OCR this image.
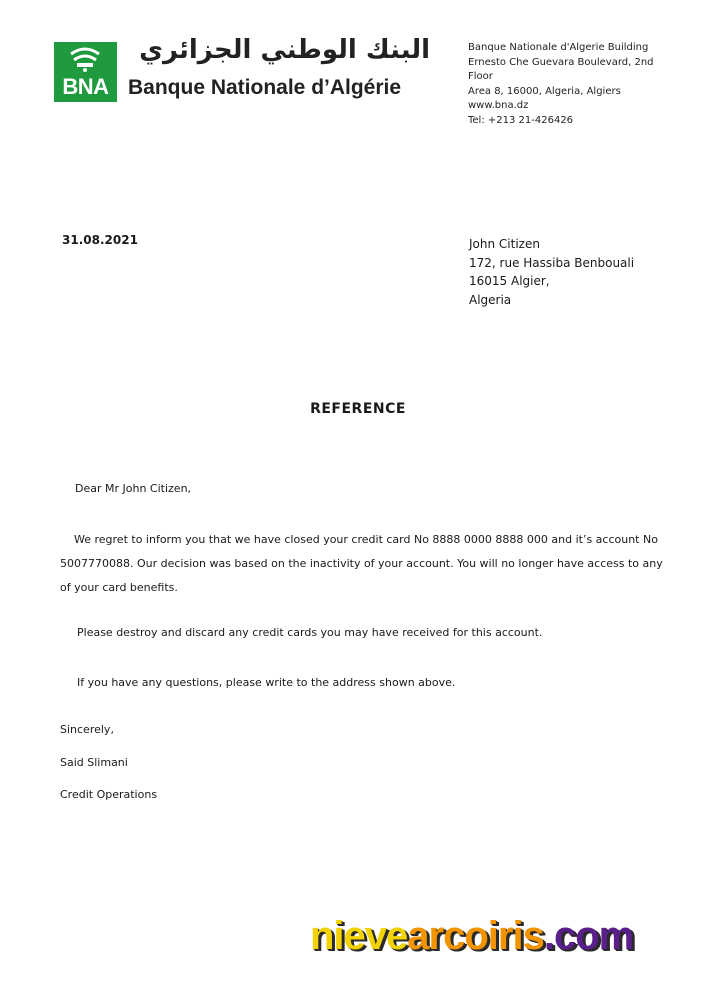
BNA
البنك الوطني الجزائري
Banque Nationale d’Algérie
Banque Nationale d'Algerie Building
Ernesto Che Guevara Boulevard, 2nd
Floor
Area 8, 16000, Algeria, Algiers
www.bna.dz
Tel: +213 21-426426
31.08.2021	John Citizen
172, rue Hassiba Benbouali
16015 Algier,
Algeria
REFERENCE
Dear Mr John Citizen,
We regret to inform you that we have closed your credit card No 8888 0000 8888 000 and it’s account No 5007770088. Our decision was based on the inactivity of your account. You will no longer have access to any of your card benefits.
Please destroy and discard any credit cards you may have received for this account.
If you have any questions, please write to the address shown above.
Sincerely,
Said Slimani
Credit Operations
nievearcoiris.com
